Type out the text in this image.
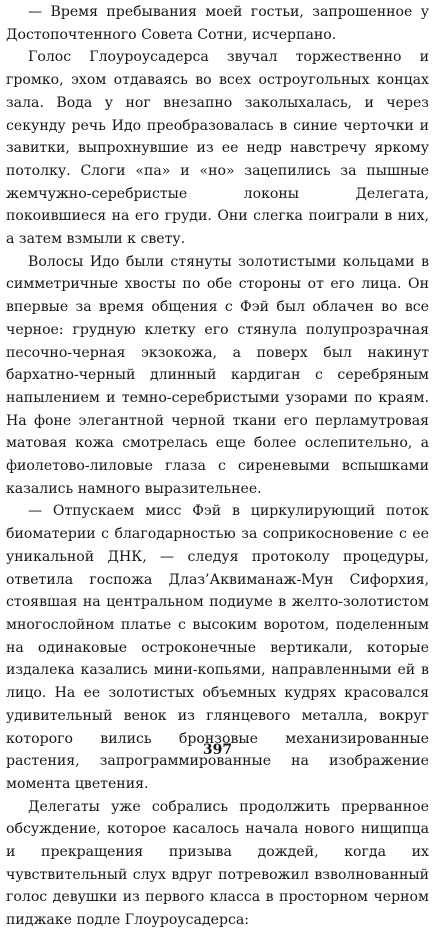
— Время пребывания моей гостьи, запрошенное у Достопочтенного Совета Сотни, исчерпано.

Голос Глоуроусадерса звучал торжественно и громко, эхом отдаваясь во всех остроугольных концах зала. Вода у ног внезапно заколыхалась, и через секунду речь Идо преобразовалась в синие черточки и завитки, выпрохнувшие из ее недр навстречу яркому потолку. Слоги «па» и «но» зацепились за пышные жемчужно-серебристые локоны Делегата, покоившиеся на его груди. Они слегка поиграли в них, а затем взмыли к свету.

Волосы Идо были стянуты золотистыми кольцами в симметричные хвосты по обе стороны от его лица. Он впервые за время общения с Фэй был облачен во все черное: грудную клетку его стянула полупрозрачная песочно-черная экзокожа, а поверх был накинут бархатно-черный длинный кардиган с серебряным напылением и темно-серебристыми узорами по краям. На фоне элегантной черной ткани его перламутровая матовая кожа смотрелась еще более ослепительно, а фиолетово-лиловые глаза с сиреневыми вспышками казались намного выразительнее.

— Отпускаем мисс Фэй в циркулирующий поток биоматерии с благодарностью за соприкосновение с ее уникальной ДНК, — следуя протоколу процедуры, ответила госпожа Длаз’Аквиманаж-Мун Сифорхия, стоявшая на центральном подиуме в желто-золотистом многослойном платье с высоким воротом, поделенным на одинаковые остроконечные вертикали, которые издалека казались мини-копьями, направленными ей в лицо. На ее золотистых объемных кудрях красовался удивительный венок из глянцевого металла, вокруг которого вились бронзовые механизированные растения, запрограммированные на изображение момента цветения.

Делегаты уже собрались продолжить прерванное обсуждение, которое касалось начала нового нищипца и прекращения призыва дождей, когда их чувствительный слух вдруг потревожил взволнованный голос девушки из первого класса в просторном черном пиджаке подле Глоуроусадерса:

397
